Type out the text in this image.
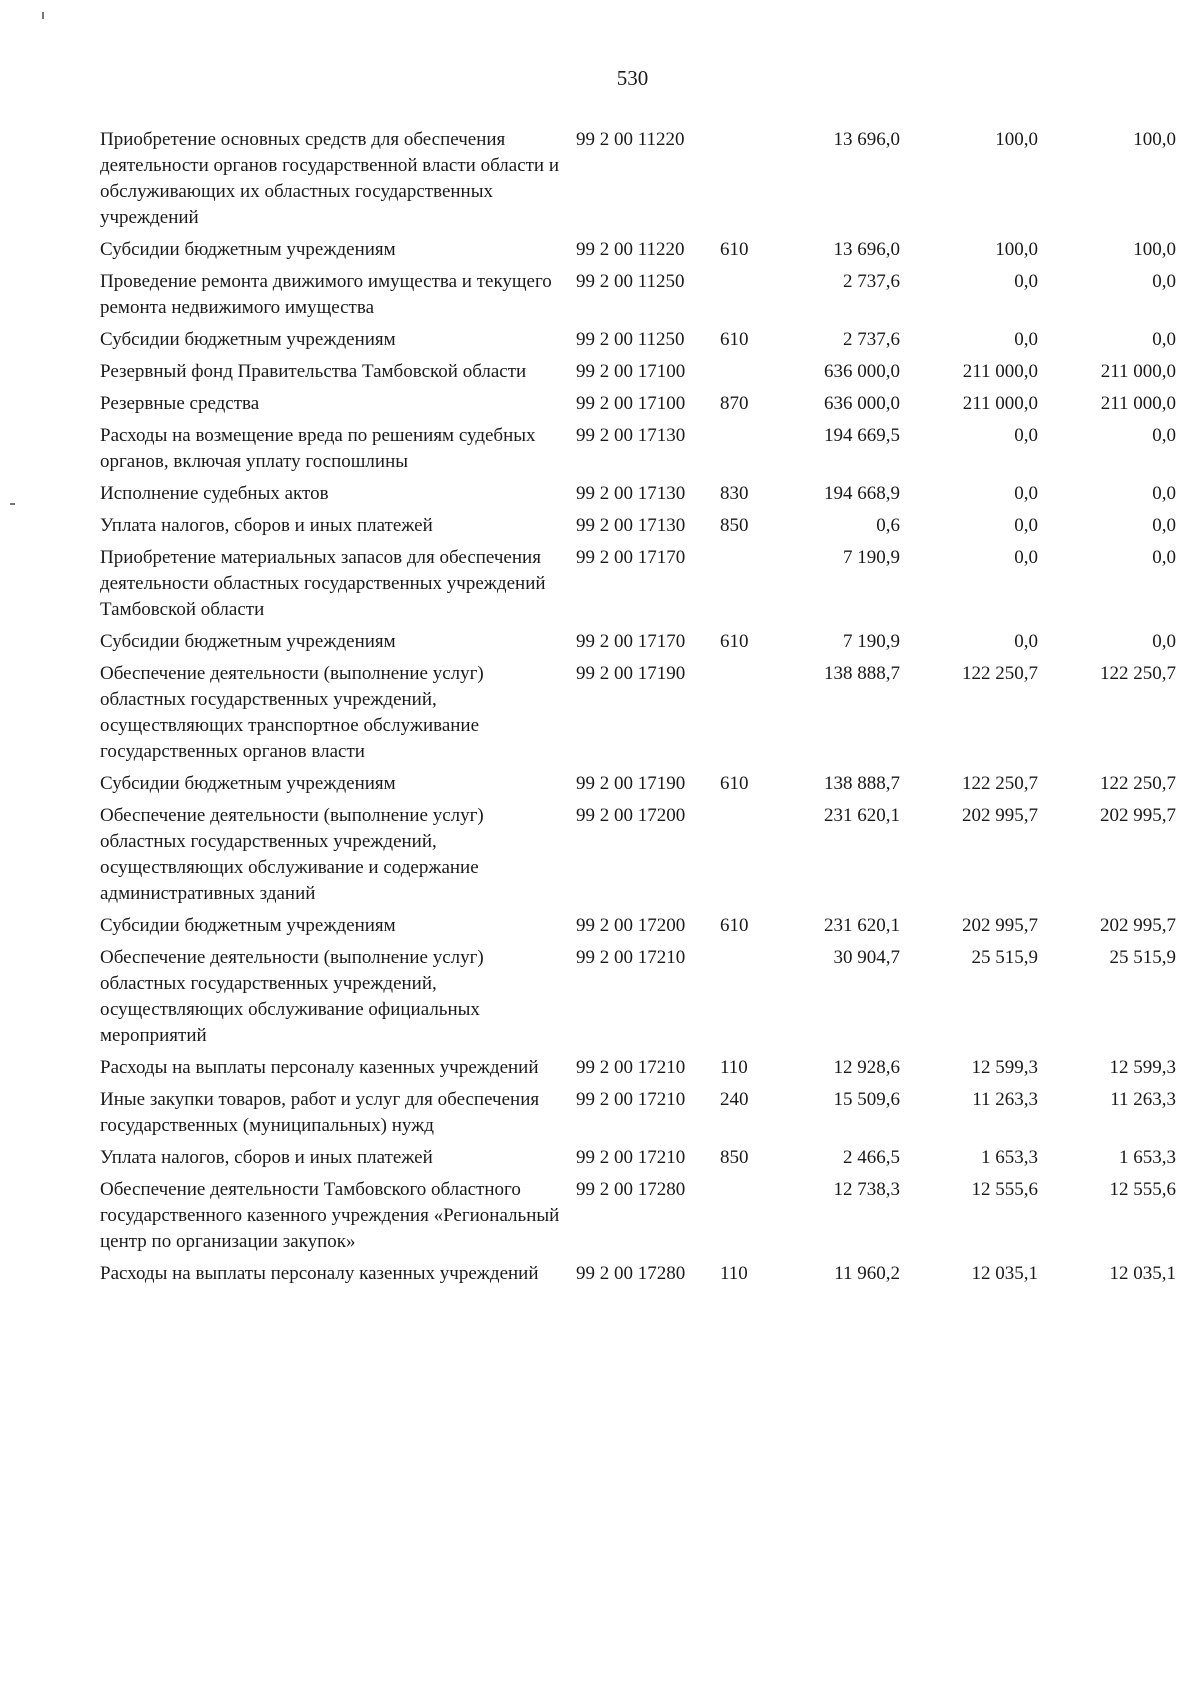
530
Приобретение основных средств для обеспечения деятельности органов государственной власти области и обслуживающих их областных государственных учреждений	99 2 00 11220		13 696,0	100,0	100,0
Субсидии бюджетным учреждениям	99 2 00 11220	610	13 696,0	100,0	100,0
Проведение ремонта движимого имущества и текущего ремонта недвижимого имущества	99 2 00 11250		2 737,6	0,0	0,0
Субсидии бюджетным учреждениям	99 2 00 11250	610	2 737,6	0,0	0,0
Резервный фонд Правительства Тамбовской области	99 2 00 17100		636 000,0	211 000,0	211 000,0
Резервные средства	99 2 00 17100	870	636 000,0	211 000,0	211 000,0
Расходы на возмещение вреда по решениям судебных органов, включая уплату госпошлины	99 2 00 17130		194 669,5	0,0	0,0
Исполнение судебных актов	99 2 00 17130	830	194 668,9	0,0	0,0
Уплата налогов, сборов и иных платежей	99 2 00 17130	850	0,6	0,0	0,0
Приобретение материальных запасов для обеспечения деятельности областных государственных учреждений Тамбовской области	99 2 00 17170		7 190,9	0,0	0,0
Субсидии бюджетным учреждениям	99 2 00 17170	610	7 190,9	0,0	0,0
Обеспечение деятельности (выполнение услуг) областных государственных учреждений, осуществляющих транспортное обслуживание государственных органов власти	99 2 00 17190		138 888,7	122 250,7	122 250,7
Субсидии бюджетным учреждениям	99 2 00 17190	610	138 888,7	122 250,7	122 250,7
Обеспечение деятельности (выполнение услуг) областных государственных учреждений, осуществляющих обслуживание и содержание административных зданий	99 2 00 17200		231 620,1	202 995,7	202 995,7
Субсидии бюджетным учреждениям	99 2 00 17200	610	231 620,1	202 995,7	202 995,7
Обеспечение деятельности (выполнение услуг) областных государственных учреждений, осуществляющих обслуживание официальных мероприятий	99 2 00 17210		30 904,7	25 515,9	25 515,9
Расходы на выплаты персоналу казенных учреждений	99 2 00 17210	110	12 928,6	12 599,3	12 599,3
Иные закупки товаров, работ и услуг для обеспечения государственных (муниципальных) нужд	99 2 00 17210	240	15 509,6	11 263,3	11 263,3
Уплата налогов, сборов и иных платежей	99 2 00 17210	850	2 466,5	1 653,3	1 653,3
Обеспечение деятельности Тамбовского областного государственного казенного учреждения «Региональный центр по организации закупок»	99 2 00 17280		12 738,3	12 555,6	12 555,6
Расходы на выплаты персоналу казенных учреждений	99 2 00 17280	110	11 960,2	12 035,1	12 035,1
